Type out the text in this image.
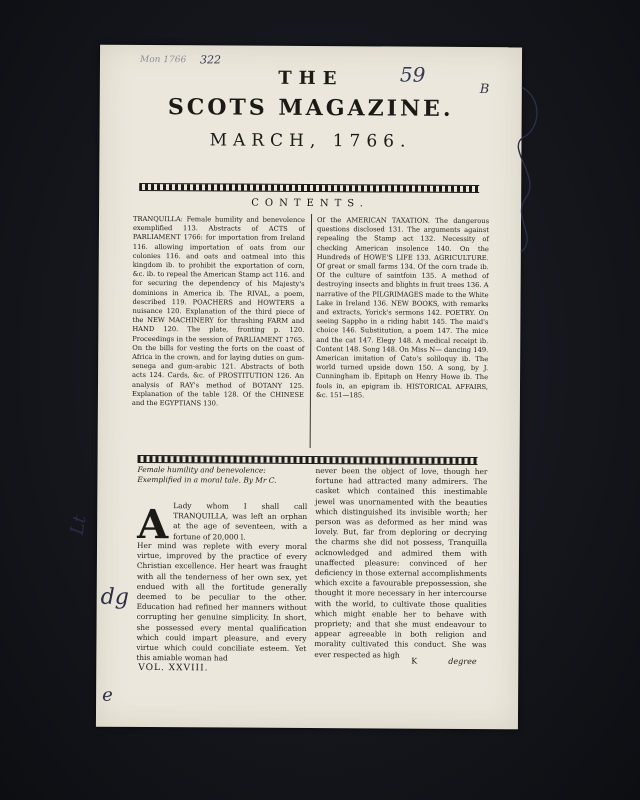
Mon 1766 322
59
B
THE
SCOTS MAGAZINE.
MARCH, 1766.
CONTENTS.
TRANQUILLA: Female humility and benevolence exemplified 113. Abstracts of ACTS of PARLIAMENT 1766: for importation from Ireland 116. allowing importation of oats from our colonies 116. and oats and oatmeal into this kingdom ib. to prohibit the exportation of corn, &c. ib. to repeal the American Stamp act 116. and for securing the dependency of his Majesty's dominions in America ib. The RIVAL, a poem, described 119. POACHERS and HOWTERS a nuisance 120. Explanation of the third piece of the NEW MACHINERY for thrashing FARM and HAND 120. The plate, fronting p. 120. Proceedings in the session of PARLIAMENT 1765. On the bills for vesting the forts on the coast of Africa in the crown, and for laying duties on gum-senega and gum-arabic 121. Abstracts of both acts 124. Cards, &c. of PROSTITUTION 126. An analysis of RAY's method of BOTANY 125. Explanation of the table 128. Of the CHINESE and the EGYPTIANS 130.
Of the AMERICAN TAXATION. The dangerous questions disclosed 131. The arguments against repealing the Stamp act 132. Necessity of checking American insolence 140. On the Hundreds of HOWE'S LIFE 133. AGRICULTURE. Of great or small farms 134. Of the corn trade ib. Of the culture of saintfoin 135. A method of destroying insects and blights in fruit trees 136. A narrative of the PILGRIMAGES made to the White Lake in Ireland 136. NEW BOOKS, with remarks and extracts, Yorick's sermons 142. POETRY. On seeing Sappho in a riding habit 145. The maid's choice 146. Substitution, a poem 147. The mice and the cat 147. Elegy 148. A medical receipt ib. Content 148. Song 148. On Miss N— dancing 149. American imitation of Cato's soliloquy ib. The world turned upside down 150. A song, by J. Cunningham ib. Epitaph on Henry Howe ib. The fools in, an epigram ib. HISTORICAL AFFAIRS, &c. 151—185.
Female humility and benevolence: Exemplified in a moral tale. By Mr C.
A Lady whom I shall call TRANQUILLA, was left an orphan at the age of seventeen, with a fortune of 20,000 l.
Her mind was replete with every moral virtue, improved by the practice of every Christian excellence. Her heart was fraught with all the tenderness of her own sex, yet endued with all the fortitude generally deemed to be peculiar to the other. Education had refined her manners without corrupting her genuine simplicity. In short, she possessed every mental qualification which could impart pleasure, and every virtue which could conciliate esteem. Yet this amiable woman had
never been the object of love, though her fortune had attracted many admirers. The casket which contained this inestimable jewel was unornamented with the beauties which distinguished its invisible worth; her person was as deformed as her mind was lovely. But, far from deploring or decrying the charms she did not possess, Tranquilla acknowledged and admired them with unaffected pleasure: convinced of her deficiency in those external accomplishments which excite a favourable prepossession, she thought it more necessary in her intercourse with the world, to cultivate those qualities which might enable her to behave with propriety; and that she must endeavour to appear agreeable in both religion and morality cultivated this conduct. She was ever respected as high
VOL. XXVIII.
K	degree
Lt
dg
e
